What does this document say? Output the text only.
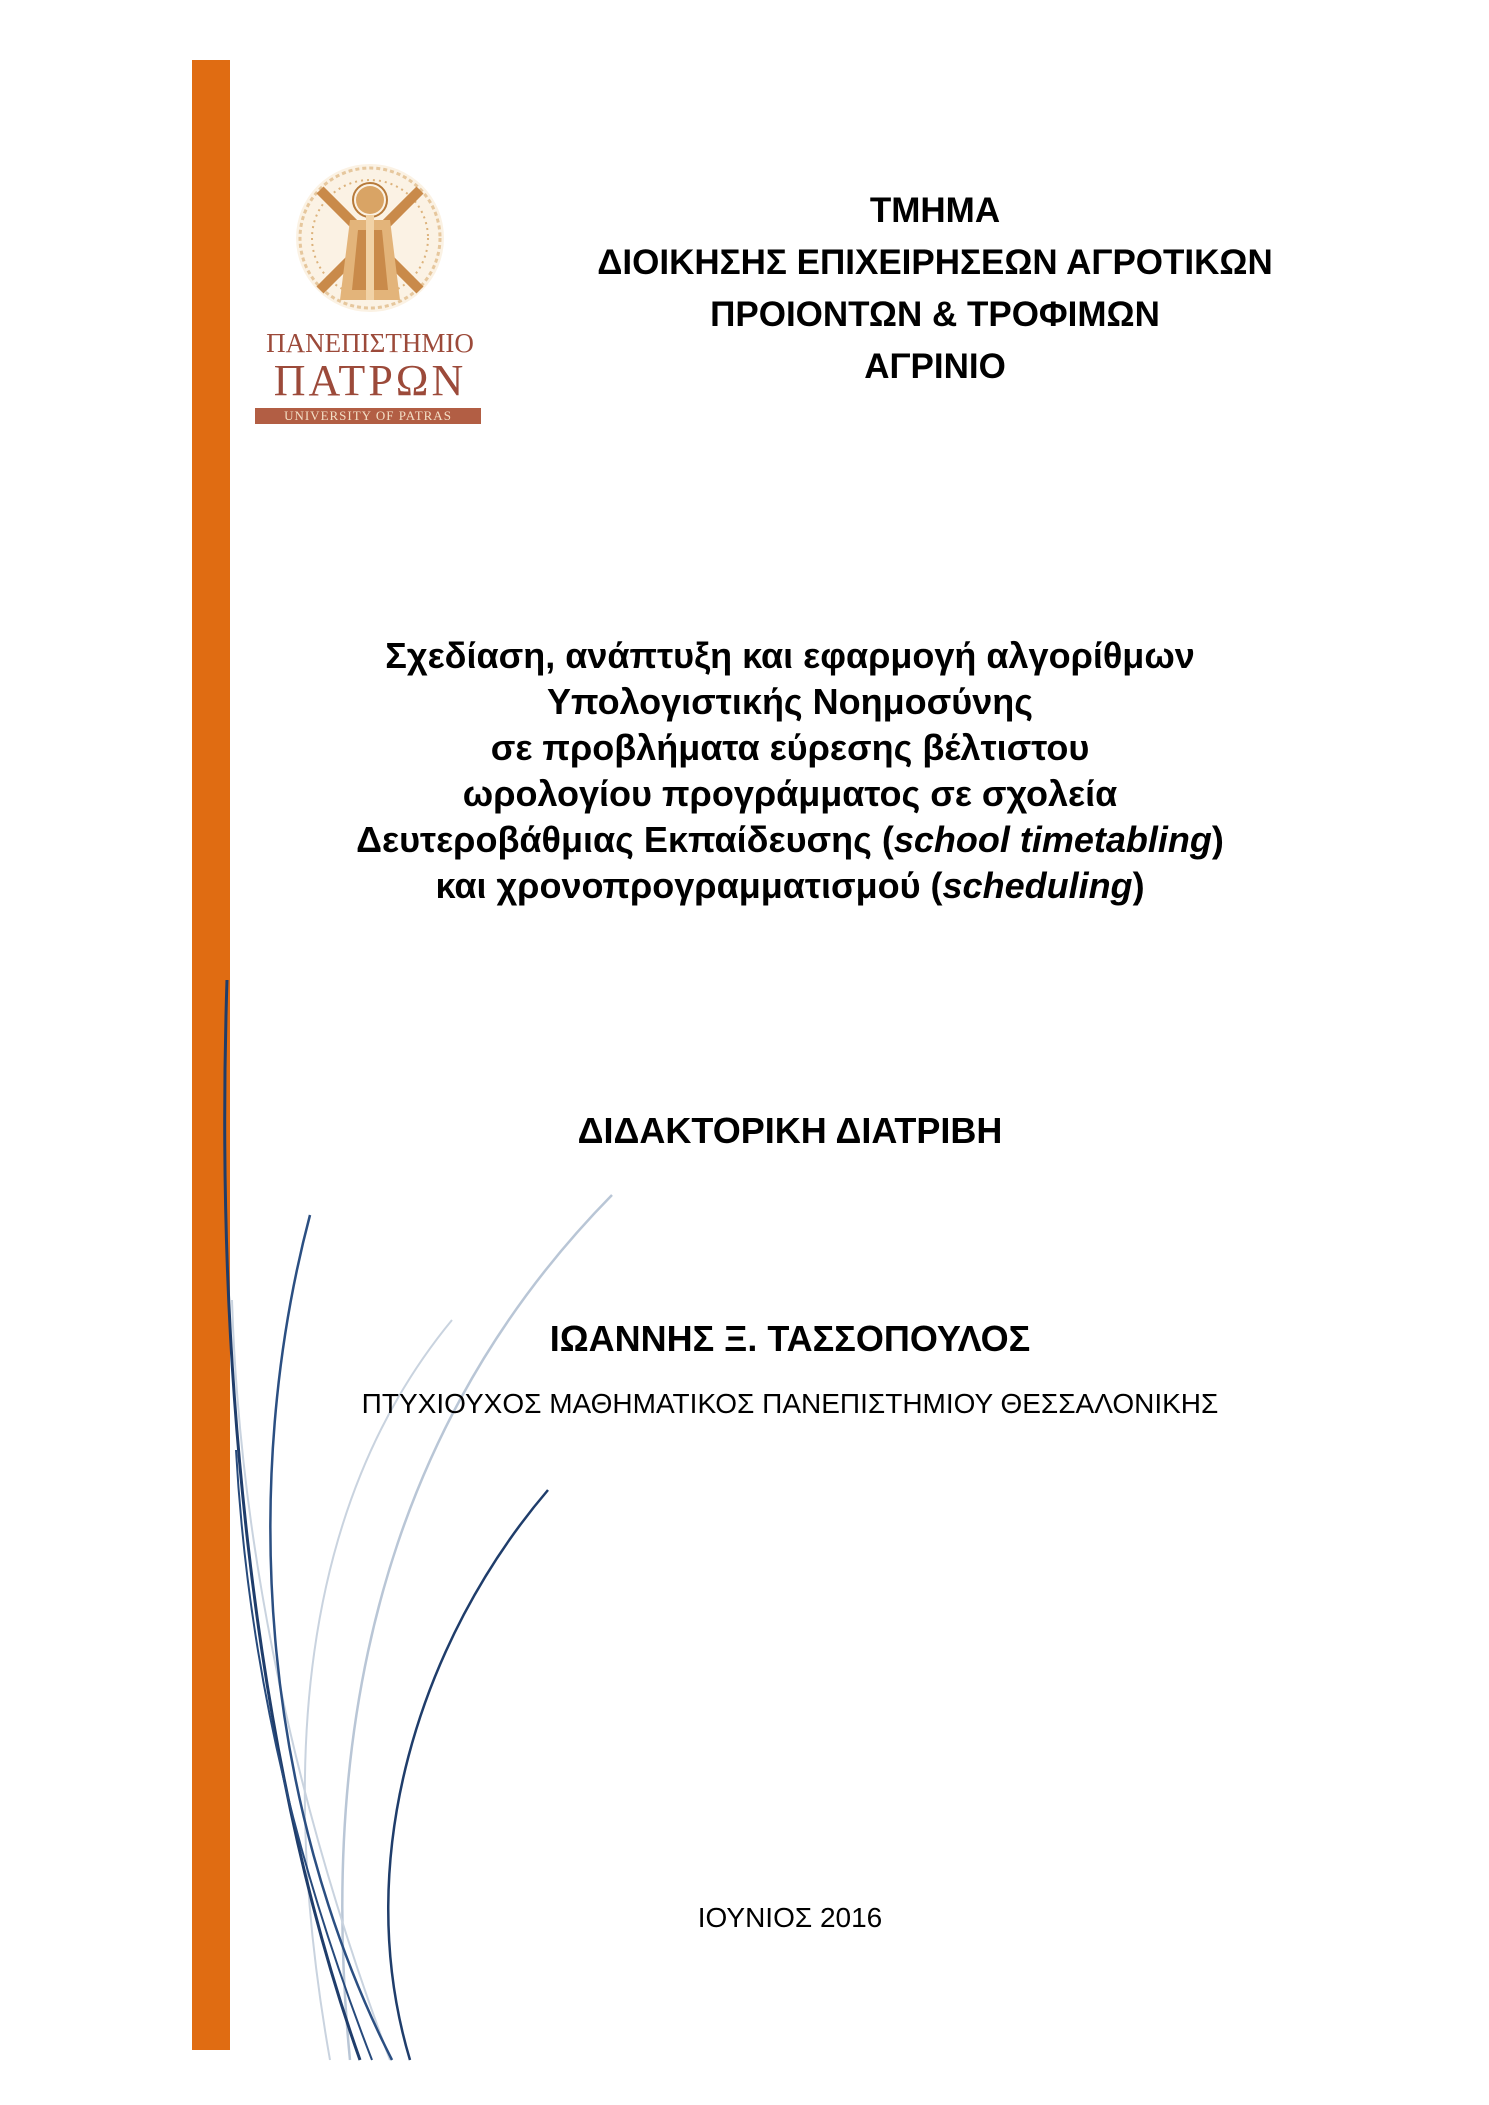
ΠΑΝΕΠΙΣΤΗΜΙΟ
ΠΑΤΡΩΝ
UNIVERSITY OF PATRAS
ΤΜΗΜΑ
ΔΙΟΙΚΗΣΗΣ ΕΠΙΧΕΙΡΗΣΕΩΝ ΑΓΡΟΤΙΚΩΝ
ΠΡΟΙΟΝΤΩΝ & ΤΡΟΦΙΜΩΝ
ΑΓΡΙΝΙΟ
Σχεδίαση, ανάπτυξη και εφαρμογή αλγορίθμων
Υπολογιστικής Νοημοσύνης
σε προβλήματα εύρεσης βέλτιστου
ωρολογίου προγράμματος σε σχολεία
Δευτεροβάθμιας Εκπαίδευσης (school timetabling)
και χρονοπρογραμματισμού (scheduling)
ΔΙΔΑΚΤΟΡΙΚΗ ΔΙΑΤΡΙΒΗ
ΙΩΑΝΝΗΣ Ξ. ΤΑΣΣΟΠΟΥΛΟΣ
ΠΤΥΧΙΟΥΧΟΣ ΜΑΘΗΜΑΤΙΚΟΣ ΠΑΝΕΠΙΣΤΗΜΙΟΥ ΘΕΣΣΑΛΟΝΙΚΗΣ
ΙΟΥΝΙΟΣ 2016
